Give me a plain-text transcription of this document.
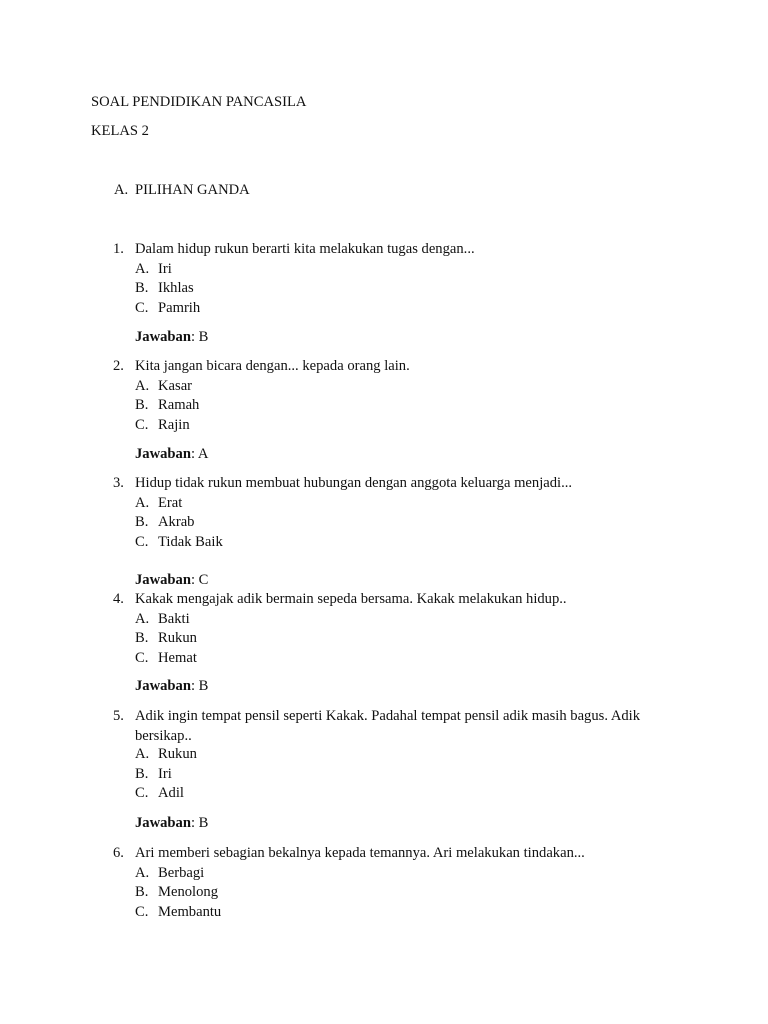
SOAL PENDIDIKAN PANCASILA
KELAS 2
A. PILIHAN GANDA
1. Dalam hidup rukun berarti kita melakukan tugas dengan...
A. Iri
B. Ikhlas
C. Pamrih
Jawaban: B
2. Kita jangan bicara dengan... kepada orang lain.
A. Kasar
B. Ramah
C. Rajin
Jawaban: A
3. Hidup tidak rukun membuat hubungan dengan anggota keluarga menjadi...
A. Erat
B. Akrab
C. Tidak Baik
Jawaban: C
4. Kakak mengajak adik bermain sepeda bersama. Kakak melakukan hidup..
A. Bakti
B. Rukun
C. Hemat
Jawaban: B
5. Adik ingin tempat pensil seperti Kakak. Padahal tempat pensil adik masih bagus. Adik bersikap..
A. Rukun
B. Iri
C. Adil
Jawaban: B
6. Ari memberi sebagian bekalnya kepada temannya. Ari melakukan tindakan...
A. Berbagi
B. Menolong
C. Membantu
